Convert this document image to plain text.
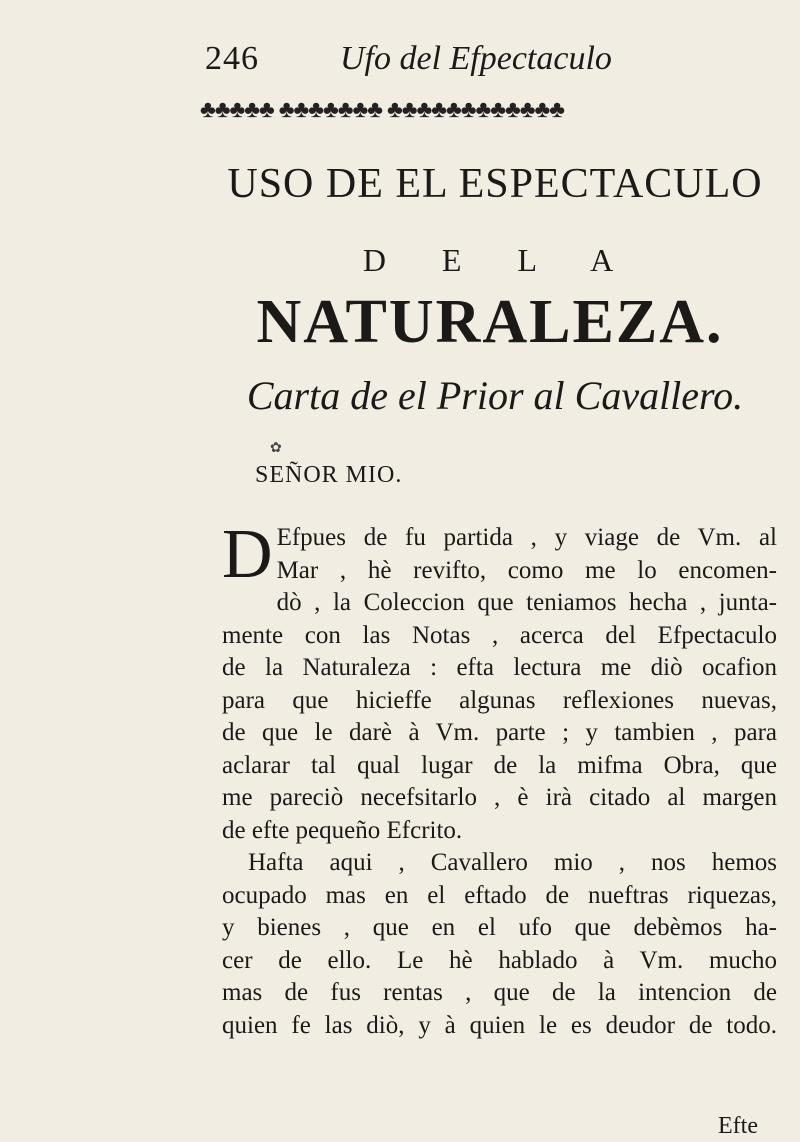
246 Ufo del Efpectaculo
♣♣♣♣♣ ♣♣♣♣♣♣♣ ♣♣♣♣♣♣♣♣♣♣♣♣
USO DE EL ESPECTACULO
D E L A
NATURALEZA.
Carta de el Prior al Cavallero.
✿
SEÑOR MIO.
D Efpues de fu partida , y viage de Vm. al
Mar , hè revifto, como me lo encomen-
dò , la Coleccion que teniamos hecha , junta-
mente con las Notas , acerca del Efpectaculo
de la Naturaleza : efta lectura me diò ocafion
para que hicieffe algunas reflexiones nuevas,
de que le darè à Vm. parte ; y tambien , para
aclarar tal qual lugar de la mifma Obra, que
me pareciò necefsitarlo , è irà citado al margen
de efte pequeño Efcrito.
Hafta aqui , Cavallero mio , nos hemos
ocupado mas en el eftado de nueftras riquezas,
y bienes , que en el ufo que debèmos ha-
cer de ello. Le hè hablado à Vm. mucho
mas de fus rentas , que de la intencion de
quien fe las diò, y à quien le es deudor de todo.
Efte
